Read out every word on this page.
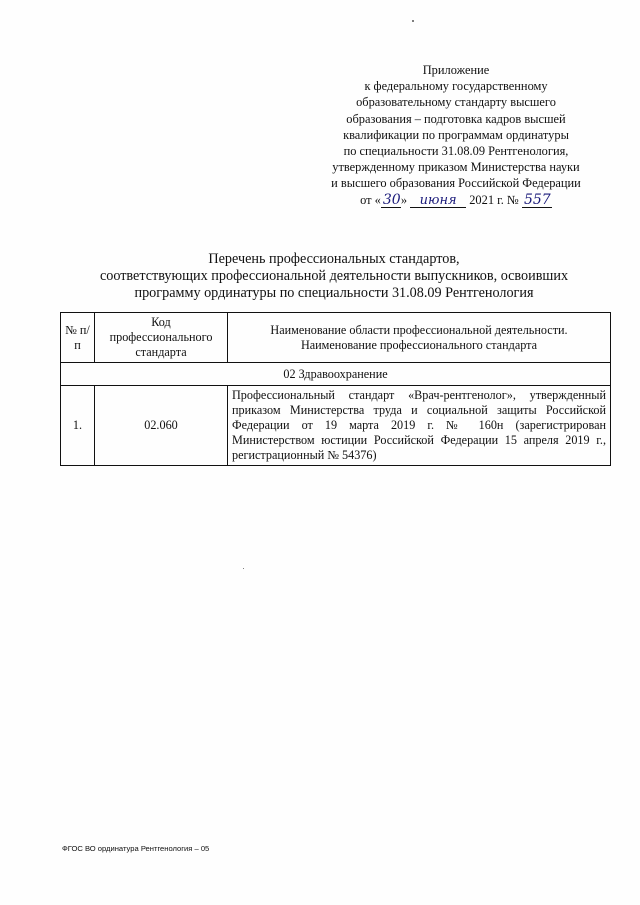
Приложение
к федеральному государственному
образовательному стандарту высшего
образования – подготовка кадров высшей
квалификации по программам ординатуры
по специальности 31.08.09 Рентгенология,
утвержденному приказом Министерства науки
и высшего образования Российской Федерации
от « 30» июня 2021 г. № 557
Перечень профессиональных стандартов,
соответствующих профессиональной деятельности выпускников, освоивших
программу ординатуры по специальности 31.08.09 Рентгенология
№ п/п	Код профессионального стандарта	Наименование области профессиональной деятельности. Наименование профессионального стандарта
02 Здравоохранение		
1.	02.060	Профессиональный стандарт «Врач-рентгенолог», утвержденный приказом Министерства труда и социальной защиты Российской Федерации от 19 марта 2019 г. № 160н (зарегистрирован Министерством юстиции Российской Федерации 15 апреля 2019 г., регистрационный № 54376)
ФГОС ВО ординатура Рентгенология – 05
